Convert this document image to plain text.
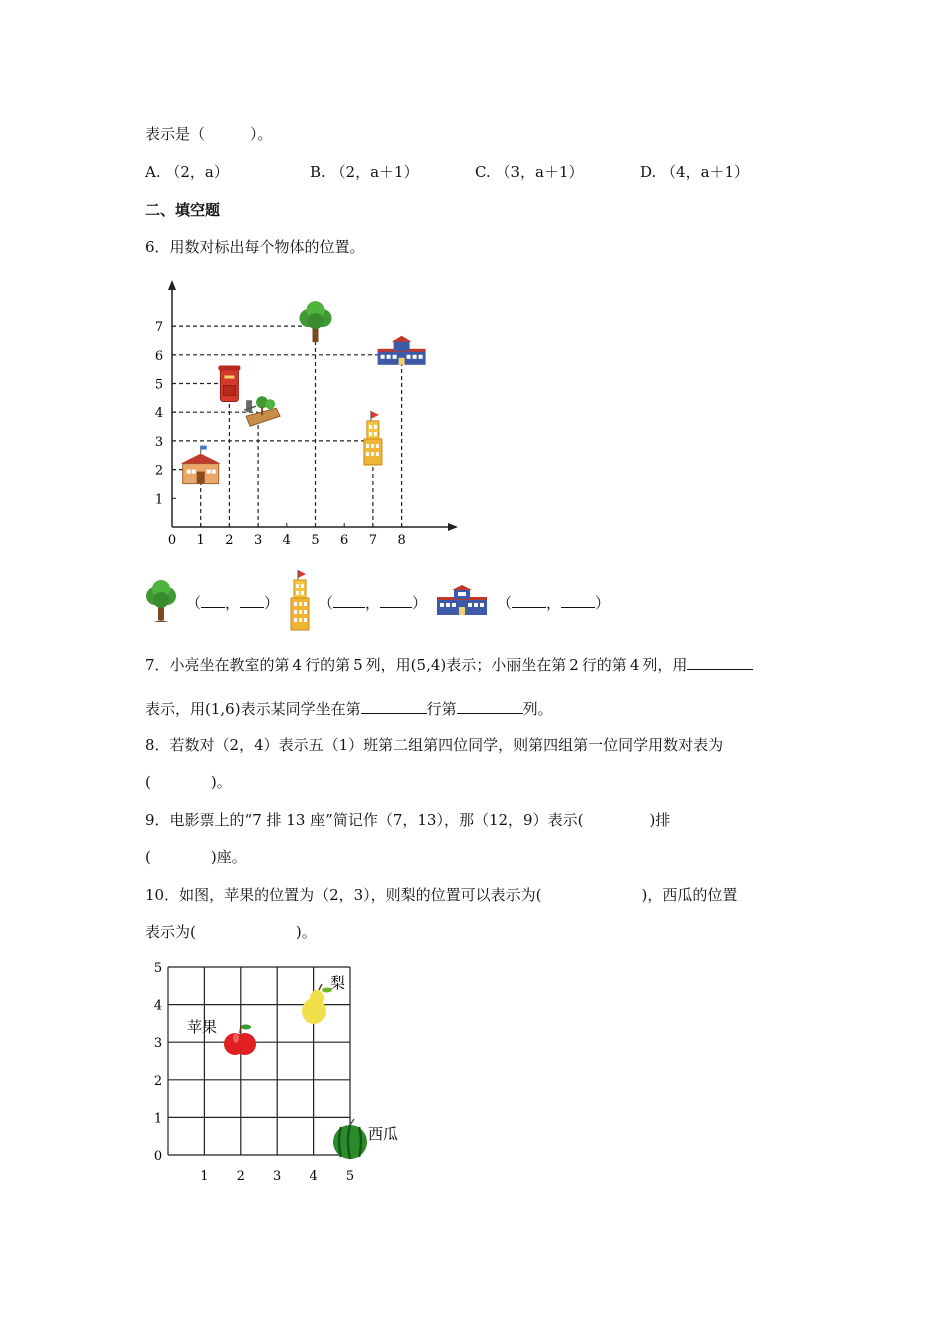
表示是（　　　）。
A. （2，a）	B. （2，a＋1）	C. （3，a＋1）	D. （4，a＋1）
二、填空题
6．用数对标出每个物体的位置。
0 1 2 3 4 5 6 7 8
1
2
3
4
5
6
7
（ ， ）	（ ， ）	（ ， ）
7．小亮坐在教室的第 4 行的第 5 列，用(5,4)表示；小丽坐在第 2 行的第 4 列，用
表示，用(1,6)表示某同学坐在第	行第	列。
8．若数对（2，4）表示五（1）班第二组第四位同学，则第四组第一位同学用数对表为
(　　　　)。
9．电影票上的“7 排 13 座”简记作（7，13），那（12，9）表示(	)排
(　　　　)座。
10．如图，苹果的位置为（2，3），则梨的位置可以表示为(	)，西瓜的位置
表示为(	)。
1 2 3 4 5
0
1
2
3
4
5
苹果
梨
西瓜
